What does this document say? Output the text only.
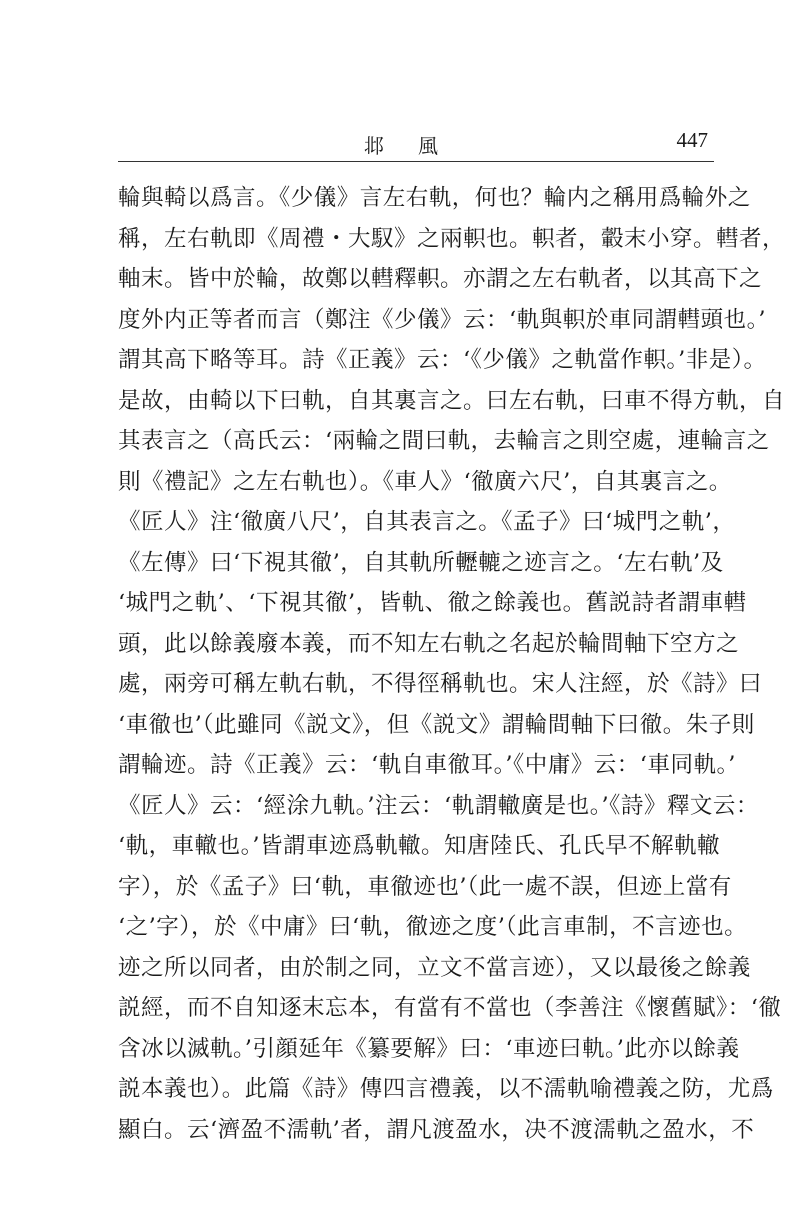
邶風	447
輪與輢以爲言。《少儀》言左右軌，何也？輪内之稱用爲輪外之
稱，左右軌即《周禮・大馭》之兩軹也。軹者，轂末小穿。轊者，
軸末。皆中於輪，故鄭以轊釋軹。亦謂之左右軌者，以其高下之
度外内正等者而言（鄭注《少儀》云：‘軌與軹於車同謂轊頭也。’
謂其高下略等耳。詩《正義》云：‘《少儀》之軌當作軹。’非是）。
是故，由輢以下曰軌，自其裏言之。曰左右軌，曰車不得方軌，自
其表言之（高氏云：‘兩輪之間曰軌，去輪言之則空處，連輪言之
則《禮記》之左右軌也）。《車人》‘徹廣六尺’，自其裏言之。
《匠人》注‘徹廣八尺’，自其表言之。《孟子》曰‘城門之軌’，
《左傳》曰‘下視其徹’，自其軌所轣轆之迹言之。‘左右軌’及
‘城門之軌’、‘下視其徹’，皆軌、徹之餘義也。舊説詩者謂車轊
頭，此以餘義廢本義，而不知左右軌之名起於輪間軸下空方之
處，兩旁可稱左軌右軌，不得徑稱軌也。宋人注經，於《詩》曰
‘車徹也’（此雖同《説文》，但《説文》謂輪間軸下曰徹。朱子則
謂輪迹。詩《正義》云：‘軌自車徹耳。’《中庸》云：‘車同軌。’
《匠人》云：‘經涂九軌。’注云：‘軌謂轍廣是也。’《詩》釋文云：
‘軌，車轍也。’皆謂車迹爲軌轍。知唐陸氏、孔氏早不解軌轍
字），於《孟子》曰‘軌，車徹迹也’（此一處不誤，但迹上當有
‘之’字），於《中庸》曰‘軌，徹迹之度’（此言車制，不言迹也。
迹之所以同者，由於制之同，立文不當言迹），又以最後之餘義
説經，而不自知逐末忘本，有當有不當也（李善注《懷舊賦》：‘徹
含冰以滅軌。’引顔延年《纂要解》曰：‘車迹曰軌。’此亦以餘義
説本義也）。此篇《詩》傳四言禮義，以不濡軌喻禮義之防，尤爲
顯白。云‘濟盈不濡軌’者，謂凡渡盈水，决不渡濡軌之盈水，不
